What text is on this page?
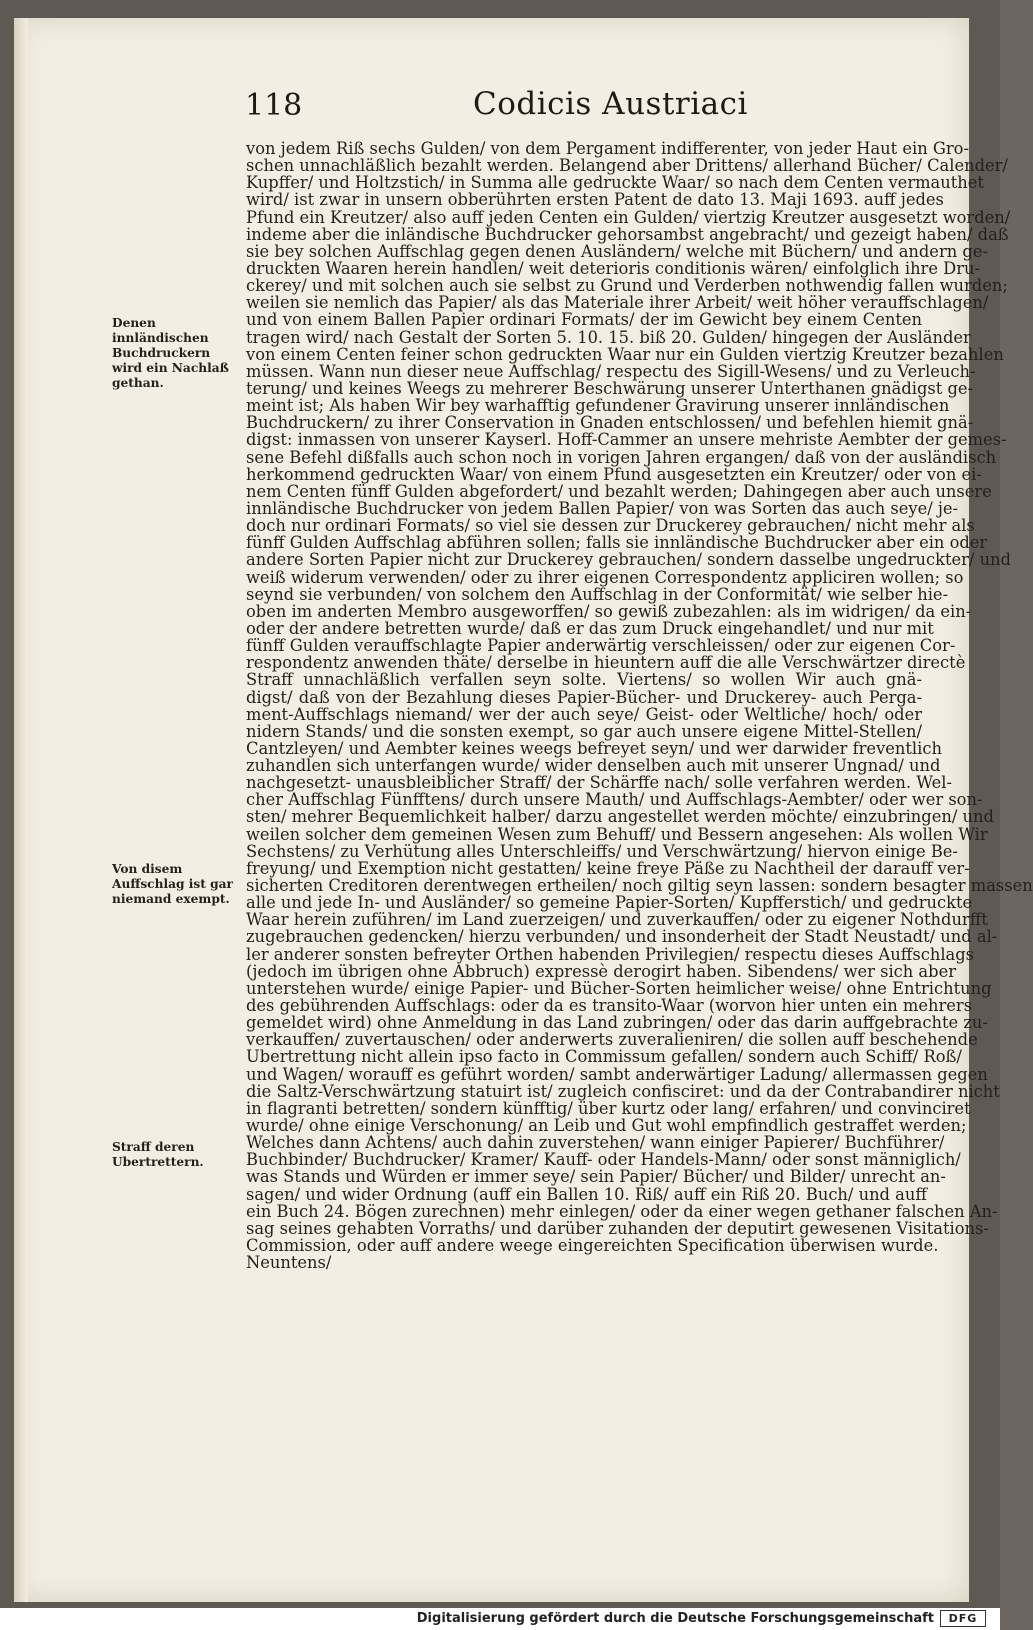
118	Codicis Austriaci
Denen innländischen Buchdruckern wird ein Nachlaß gethan.
Von disem Auffschlag ist gar niemand exempt.
Straff deren Ubertrettern.
von jedem Riß sechs Gulden/ von dem Pergament indifferenter, von jeder Haut ein Gro-
schen unnachläßlich bezahlt werden. Belangend aber Drittens/ allerhand Bücher/ Calender/
Kupffer/ und Holtzstich/ in Summa alle gedruckte Waar/ so nach dem Centen vermauthet
wird/ ist zwar in unsern obberührten ersten Patent de dato 13. Maji 1693. auff jedes
Pfund ein Kreutzer/ also auff jeden Centen ein Gulden/ viertzig Kreutzer ausgesetzt worden/
indeme aber die inländische Buchdrucker gehorsambst angebracht/ und gezeigt haben/ daß
sie bey solchen Auffschlag gegen denen Ausländern/ welche mit Büchern/ und andern ge-
druckten Waaren herein handlen/ weit deterioris conditionis wären/ einfolglich ihre Dru-
ckerey/ und mit solchen auch sie selbst zu Grund und Verderben nothwendig fallen wurden;
weilen sie nemlich das Papier/ als das Materiale ihrer Arbeit/ weit höher verauffschlagen/
und von einem Ballen Papier ordinari Formats/ der im Gewicht bey einem Centen
tragen wird/ nach Gestalt der Sorten 5. 10. 15. biß 20. Gulden/ hingegen der Ausländer
von einem Centen feiner schon gedruckten Waar nur ein Gulden viertzig Kreutzer bezahlen
müssen. Wann nun dieser neue Auffschlag/ respectu des Sigill-Wesens/ und zu Verleuch-
terung/ und keines Weegs zu mehrerer Beschwärung unserer Unterthanen gnädigst ge-
meint ist; Als haben Wir bey warhafftig gefundener Gravirung unserer innländischen
Buchdruckern/ zu ihrer Conservation in Gnaden entschlossen/ und befehlen hiemit gnä-
digst: inmassen von unserer Kayserl. Hoff-Cammer an unsere mehriste Aembter der gemes-
sene Befehl dißfalls auch schon noch in vorigen Jahren ergangen/ daß von der ausländisch
herkommend gedruckten Waar/ von einem Pfund ausgesetzten ein Kreutzer/ oder von ei-
nem Centen fünff Gulden abgefordert/ und bezahlt werden; Dahingegen aber auch unsere
innländische Buchdrucker von jedem Ballen Papier/ von was Sorten das auch seye/ je-
doch nur ordinari Formats/ so viel sie dessen zur Druckerey gebrauchen/ nicht mehr als
fünff Gulden Auffschlag abführen sollen; falls sie innländische Buchdrucker aber ein oder
andere Sorten Papier nicht zur Druckerey gebrauchen/ sondern dasselbe ungedruckter/ und
weiß widerum verwenden/ oder zu ihrer eigenen Correspondentz appliciren wollen; so
seynd sie verbunden/ von solchem den Auffschlag in der Conformität/ wie selber hie-
oben im anderten Membro ausgeworffen/ so gewiß zubezahlen: als im widrigen/ da ein-
oder der andere betretten wurde/ daß er das zum Druck eingehandlet/ und nur mit
fünff Gulden verauffschlagte Papier anderwärtig verschleissen/ oder zur eigenen Cor-
respondentz anwenden thäte/ derselbe in hieuntern auff die alle Verschwärtzer directè
Straff unnachläßlich verfallen seyn solte. Viertens/ so wollen Wir auch gnä-
digst/ daß von der Bezahlung dieses Papier-Bücher- und Druckerey- auch Perga-
ment-Auffschlags niemand/ wer der auch seye/ Geist- oder Weltliche/ hoch/ oder
nidern Stands/ und die sonsten exempt, so gar auch unsere eigene Mittel-Stellen/
Cantzleyen/ und Aembter keines weegs befreyet seyn/ und wer darwider freventlich
zuhandlen sich unterfangen wurde/ wider denselben auch mit unserer Ungnad/ und
nachgesetzt- unausbleiblicher Straff/ der Schärffe nach/ solle verfahren werden. Wel-
cher Auffschlag Fünfftens/ durch unsere Mauth/ und Auffschlags-Aembter/ oder wer son-
sten/ mehrer Bequemlichkeit halber/ darzu angestellet werden möchte/ einzubringen/ und
weilen solcher dem gemeinen Wesen zum Behuff/ und Bessern angesehen: Als wollen Wir
Sechstens/ zu Verhütung alles Unterschleiffs/ und Verschwärtzung/ hiervon einige Be-
freyung/ und Exemption nicht gestatten/ keine freye Päße zu Nachtheil der darauff ver-
sicherten Creditoren derentwegen ertheilen/ noch giltig seyn lassen: sondern besagter massen
alle und jede In- und Ausländer/ so gemeine Papier-Sorten/ Kupfferstich/ und gedruckte
Waar herein zuführen/ im Land zuerzeigen/ und zuverkauffen/ oder zu eigener Nothdurfft
zugebrauchen gedencken/ hierzu verbunden/ und insonderheit der Stadt Neustadt/ und al-
ler anderer sonsten befreyter Orthen habenden Privilegien/ respectu dieses Auffschlags
(jedoch im übrigen ohne Abbruch) expressè derogirt haben. Sibendens/ wer sich aber
unterstehen wurde/ einige Papier- und Bücher-Sorten heimlicher weise/ ohne Entrichtung
des gebührenden Auffschlags: oder da es transito-Waar (worvon hier unten ein mehrers
gemeldet wird) ohne Anmeldung in das Land zubringen/ oder das darin auffgebrachte zu-
verkauffen/ zuvertauschen/ oder anderwerts zuveralieniren/ die sollen auff beschehende
Ubertrettung nicht allein ipso facto in Commissum gefallen/ sondern auch Schiff/ Roß/
und Wagen/ worauff es geführt worden/ sambt anderwärtiger Ladung/ allermassen gegen
die Saltz-Verschwärtzung statuirt ist/ zugleich confisciret: und da der Contrabandirer nicht
in flagranti betretten/ sondern künfftig/ über kurtz oder lang/ erfahren/ und convinciret
wurde/ ohne einige Verschonung/ an Leib und Gut wohl empfindlich gestraffet werden;
Welches dann Achtens/ auch dahin zuverstehen/ wann einiger Papierer/ Buchführer/
Buchbinder/ Buchdrucker/ Kramer/ Kauff- oder Handels-Mann/ oder sonst männiglich/
was Stands und Würden er immer seye/ sein Papier/ Bücher/ und Bilder/ unrecht an-
sagen/ und wider Ordnung (auff ein Ballen 10. Riß/ auff ein Riß 20. Buch/ und auff
ein Buch 24. Bögen zurechnen) mehr einlegen/ oder da einer wegen gethaner falschen An-
sag seines gehabten Vorraths/ und darüber zuhanden der deputirt gewesenen Visitations-
Commission, oder auff andere weege eingereichten Specification überwisen wurde.
Neuntens/
Digitalisierung gefördert durch die Deutsche Forschungsgemeinschaft	DFG
